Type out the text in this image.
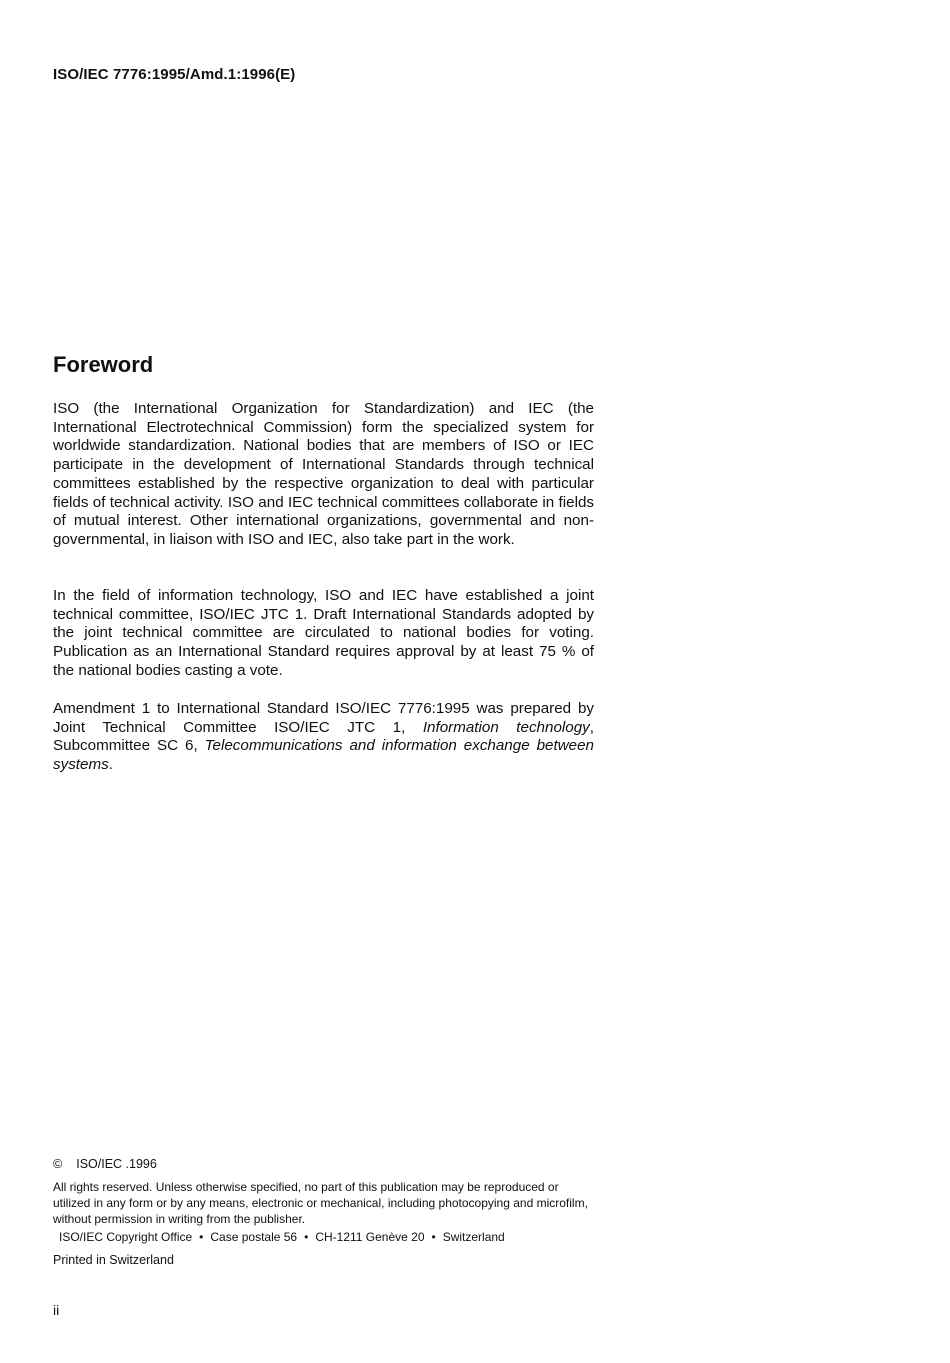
ISO/IEC 7776:1995/Amd.1:1996(E)
Foreword

ISO (the International Organization for Standardization) and IEC (the International Electrotechnical Commission) form the specialized system for worldwide standardization. National bodies that are members of ISO or IEC participate in the development of International Standards through technical committees established by the respective organization to deal with particular fields of technical activity. ISO and IEC technical committees collaborate in fields of mutual interest. Other international organizations, governmental and non-governmental, in liaison with ISO and IEC, also take part in the work.

In the field of information technology, ISO and IEC have established a joint technical committee, ISO/IEC JTC 1. Draft International Standards adopted by the joint technical committee are circulated to national bodies for voting. Publication as an International Standard requires approval by at least 75 % of the national bodies casting a vote.

Amendment 1 to International Standard ISO/IEC 7776:1995 was prepared by Joint Technical Committee ISO/IEC JTC 1, Information technology, Subcommittee SC 6, Telecommunications and information exchange between systems.

© ISO/IEC .1996

All rights reserved. Unless otherwise specified, no part of this publication may be reproduced or utilized in any form or by any means, electronic or mechanical, including photocopying and microfilm, without permission in writing from the publisher.

ISO/IEC Copyright Office • Case postale 56 • CH-1211 Genève 20 • Switzerland
Printed in Switzerland
ii
